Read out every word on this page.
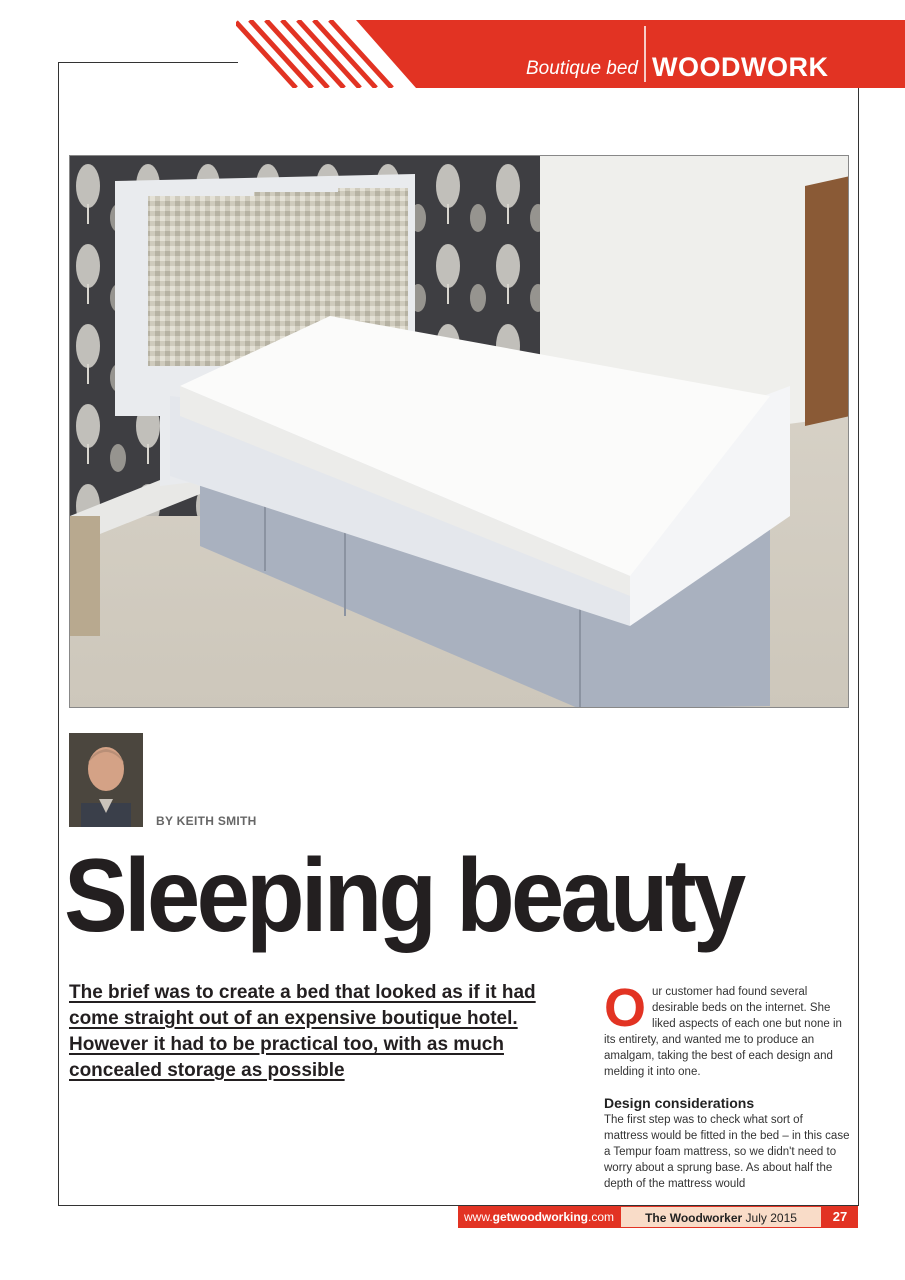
Boutique bed WOODWORK
BY KEITH SMITH
Sleeping beauty
The brief was to create a bed that looked as if it had come straight out of an expensive boutique hotel. However it had to be practical too, with as much concealed storage as possible
Our customer had found several desirable beds on the internet. She liked aspects of each one but none in its entirety, and wanted me to produce an amalgam, taking the best of each design and melding it into one.
Design considerations
The first step was to check what sort of mattress would be fitted in the bed – in this case a Tempur foam mattress, so we didn't need to worry about a sprung base. As about half the depth of the mattress would
www.getwoodworking.com	The Woodworker July 2015	27
